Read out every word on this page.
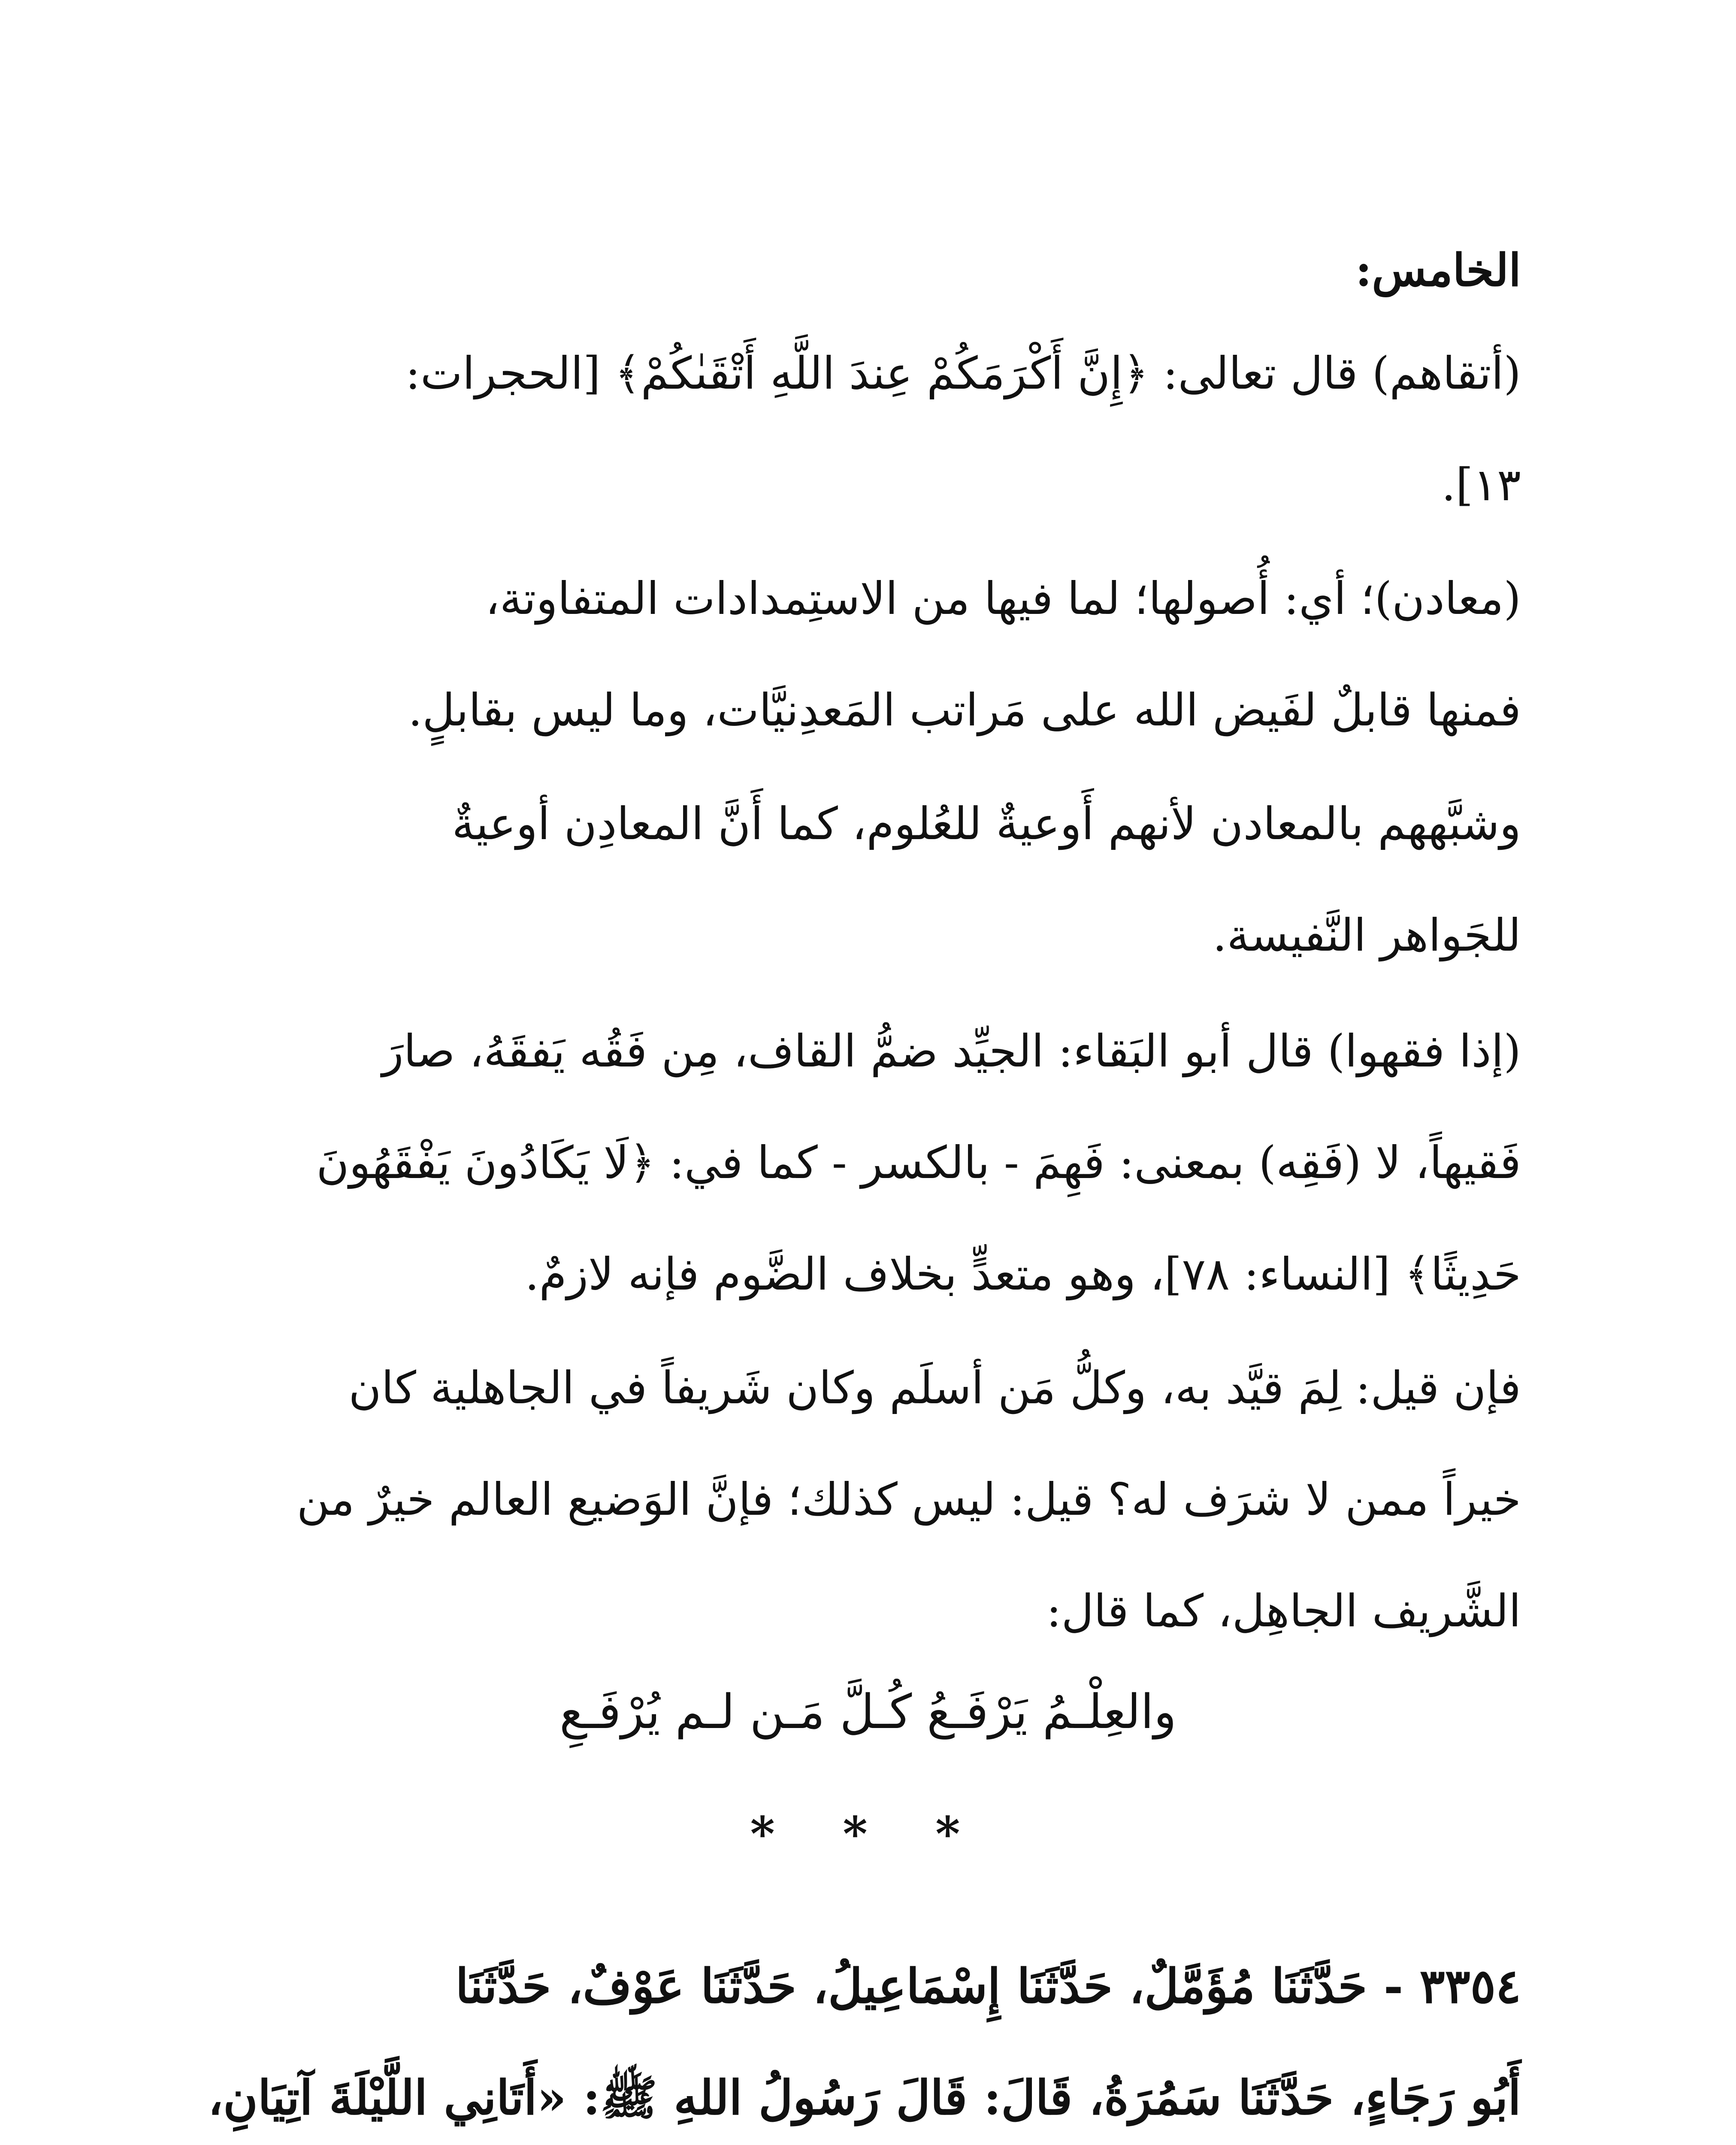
الخامس:
(أتقاهم) قال تعالى: ﴿إِنَّ أَكْرَمَكُمْ عِندَ اللَّهِ أَتْقَىٰكُمْ﴾ [الحجرات:
١٣].
(معادن)؛ أي: أُصولها؛ لما فيها من الاستِمدادات المتفاوتة،
فمنها قابلٌ لفَيض الله على مَراتب المَعدِنيَّات، وما ليس بقابلٍ.
وشبَّههم بالمعادن لأنهم أَوعيةٌ للعُلوم، كما أَنَّ المعادِن أوعيةٌ
للجَواهر النَّفيسة.
(إذا فقهوا) قال أبو البَقاء: الجيِّد ضمُّ القاف، مِن فَقُه يَفقَهُ، صارَ
فَقيهاً، لا (فَقِه) بمعنى: فَهِمَ - بالكسر - كما في: ﴿لَا يَكَادُونَ يَفْقَهُونَ
حَدِيثًا﴾ [النساء: ٧٨]، وهو متعدٍّ بخلاف الضَّوم فإنه لازمٌ.
فإن قيل: لِمَ قيَّد به، وكلُّ مَن أسلَم وكان شَريفاً في الجاهلية كان
خيراً ممن لا شرَف له؟ قيل: ليس كذلك؛ فإنَّ الوَضيع العالم خيرٌ من
الشَّريف الجاهِل، كما قال:
والعِلْـمُ يَرْفَـعُ كُـلَّ مَـن لـم يُرْفَـعِ
* * *
٣٣٥٤ - حَدَّثَنَا مُؤَمَّلٌ، حَدَّثَنَا إِسْمَاعِيلُ، حَدَّثَنَا عَوْفٌ، حَدَّثَنَا
أَبُو رَجَاءٍ، حَدَّثَنَا سَمُرَةُ، قَالَ: قَالَ رَسُولُ اللهِ ﷺ: «أَتَانِي اللَّيْلَةَ آتِيَانِ،
